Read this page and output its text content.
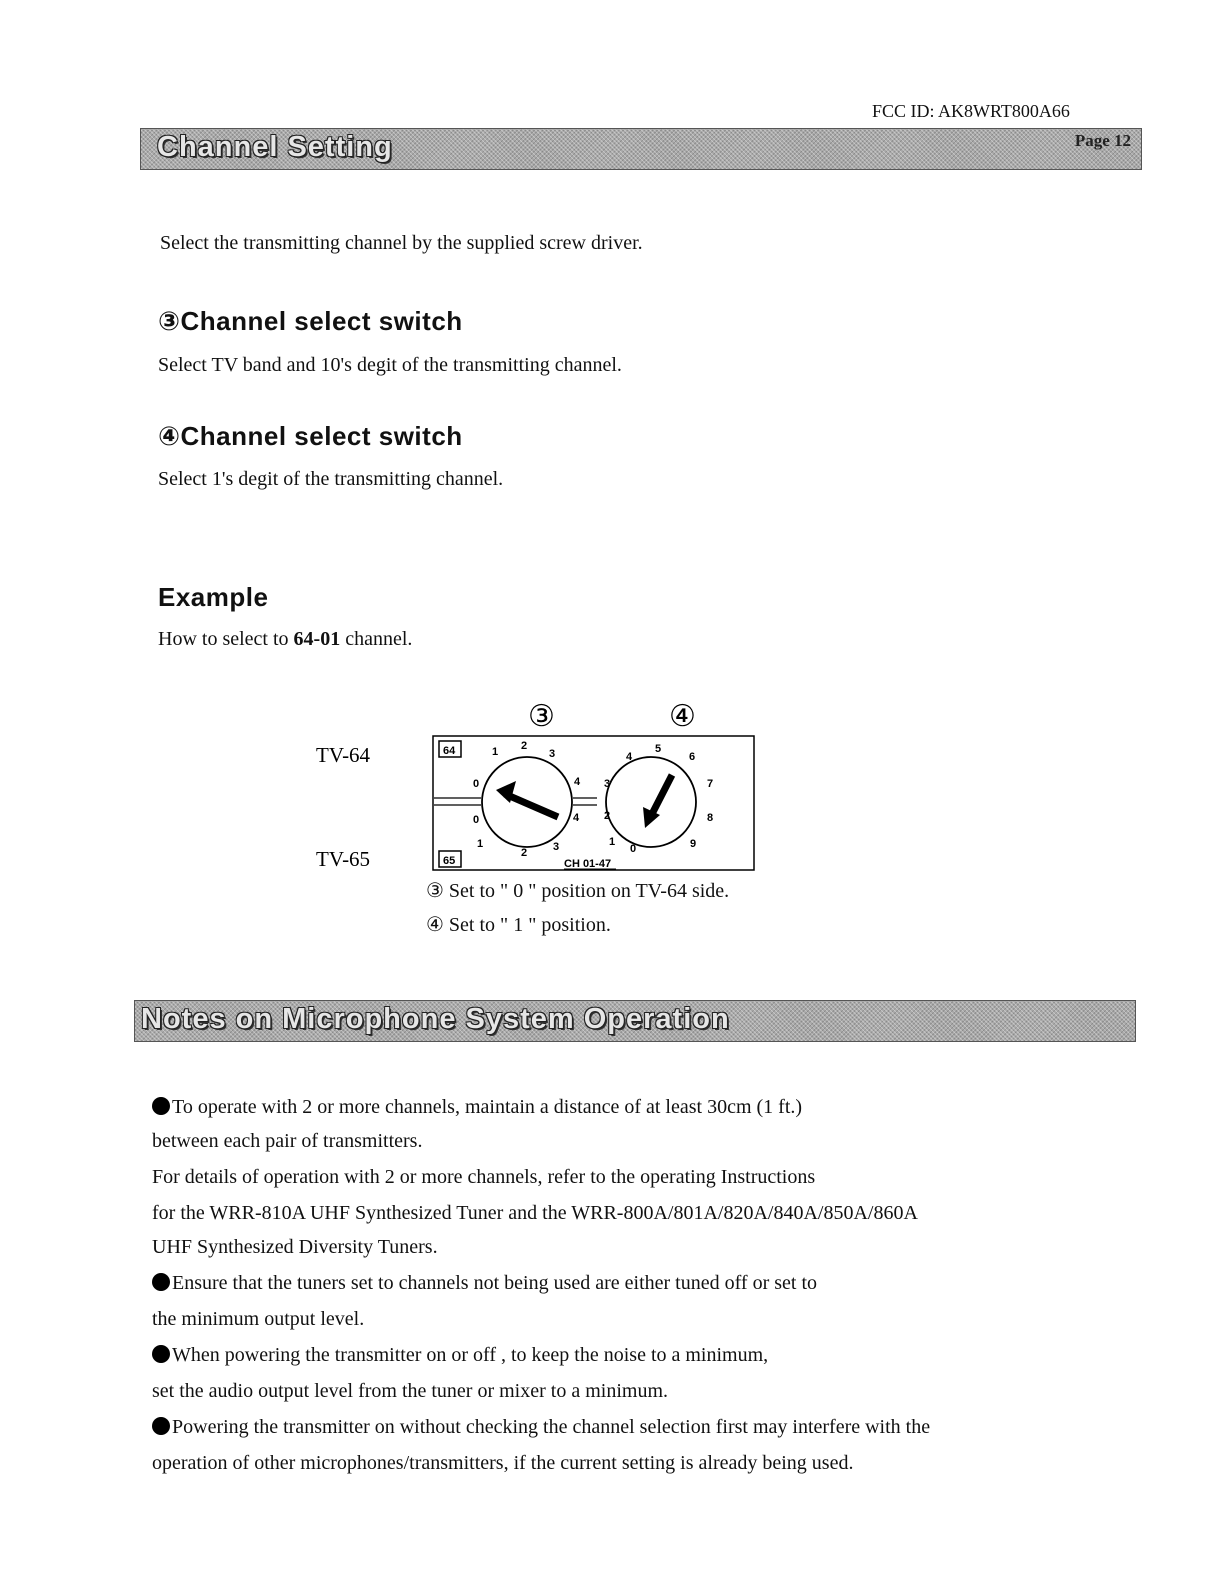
FCC ID: AK8WRT800A66
Channel Setting	Page 12
Select the transmitting channel by the supplied screw driver.
③Channel select switch
Select TV band and 10's degit of the transmitting channel.
④Channel select switch
Select 1's degit of the transmitting channel.
Example
How to select to 64-01 channel.
③	④
TV-64
TV-65
64
65
0
1 2
3
4
0
1
2 3
4
0
1
2
3
4
5
6
7
8
9
CH 01-47
③ Set to " 0 " position on TV-64 side.
④ Set to " 1 " position.
Notes on Microphone System Operation
To operate with 2 or more channels, maintain a distance of at least 30cm (1 ft.)
between each pair of transmitters.
For details of operation with 2 or more channels, refer to the operating Instructions
for the WRR-810A UHF Synthesized Tuner and the WRR-800A/801A/820A/840A/850A/860A
UHF Synthesized Diversity Tuners.
Ensure that the tuners set to channels not being used are either tuned off or set to
the minimum output level.
When powering the transmitter on or off , to keep the noise to a minimum,
set the audio output level from the tuner or mixer to a minimum.
Powering the transmitter on without checking the channel selection first may interfere with the
operation of other microphones/transmitters, if the current setting is already being used.
